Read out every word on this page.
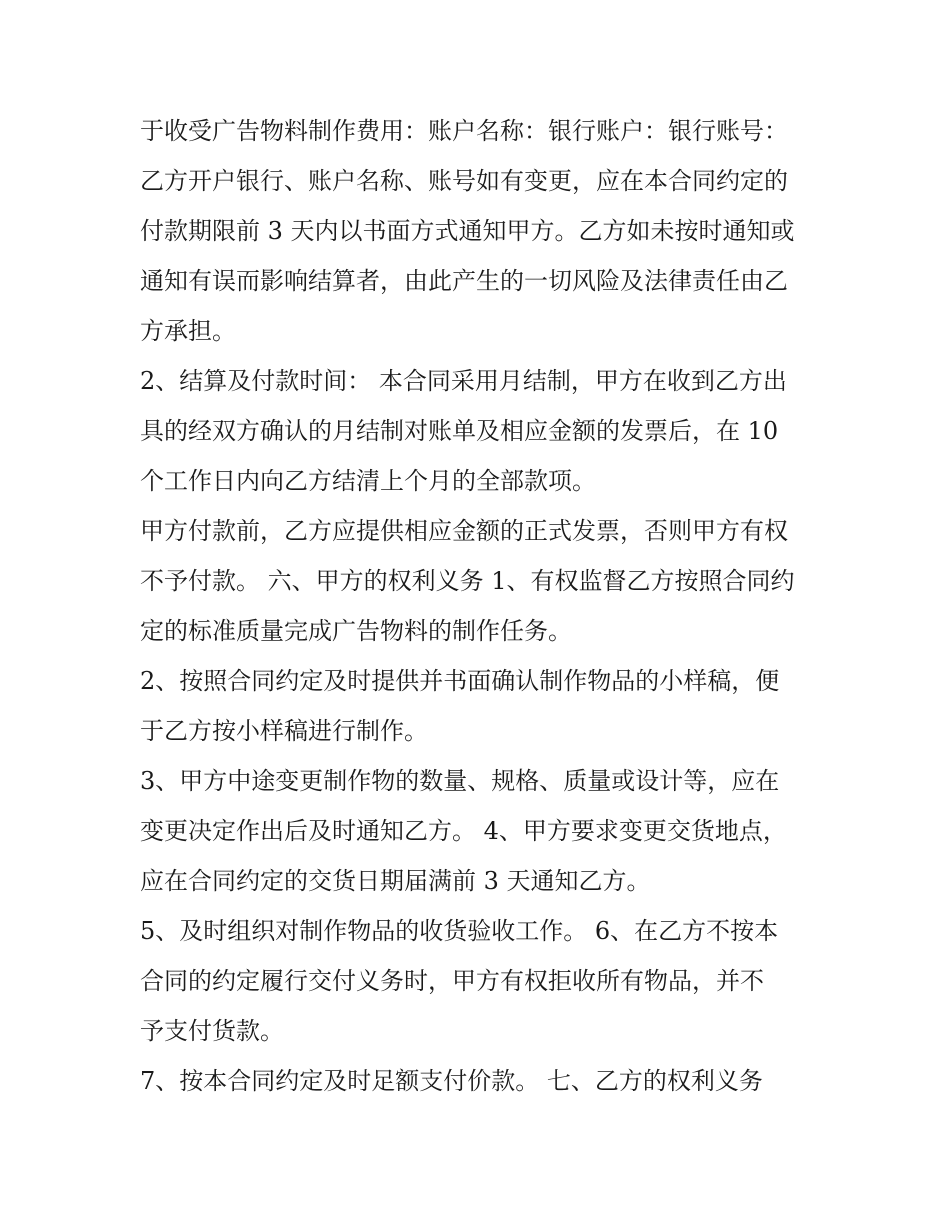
于收受广告物料制作费用：账户名称：银行账户：银行账号：
乙方开户银行、账户名称、账号如有变更，应在本合同约定的
付款期限前 3 天内以书面方式通知甲方。乙方如未按时通知或
通知有误而影响结算者，由此产生的一切风险及法律责任由乙
方承担。
2、结算及付款时间： 本合同采用月结制，甲方在收到乙方出
具的经双方确认的月结制对账单及相应金额的发票后，在 10
个工作日内向乙方结清上个月的全部款项。
甲方付款前，乙方应提供相应金额的正式发票，否则甲方有权
不予付款。 六、甲方的权利义务 1、有权监督乙方按照合同约
定的标准质量完成广告物料的制作任务。
2、按照合同约定及时提供并书面确认制作物品的小样稿，便
于乙方按小样稿进行制作。
3、甲方中途变更制作物的数量、规格、质量或设计等，应在
变更决定作出后及时通知乙方。 4、甲方要求变更交货地点，
应在合同约定的交货日期届满前 3 天通知乙方。
5、及时组织对制作物品的收货验收工作。 6、在乙方不按本
合同的约定履行交付义务时，甲方有权拒收所有物品，并不
予支付货款。
7、按本合同约定及时足额支付价款。 七、乙方的权利义务
